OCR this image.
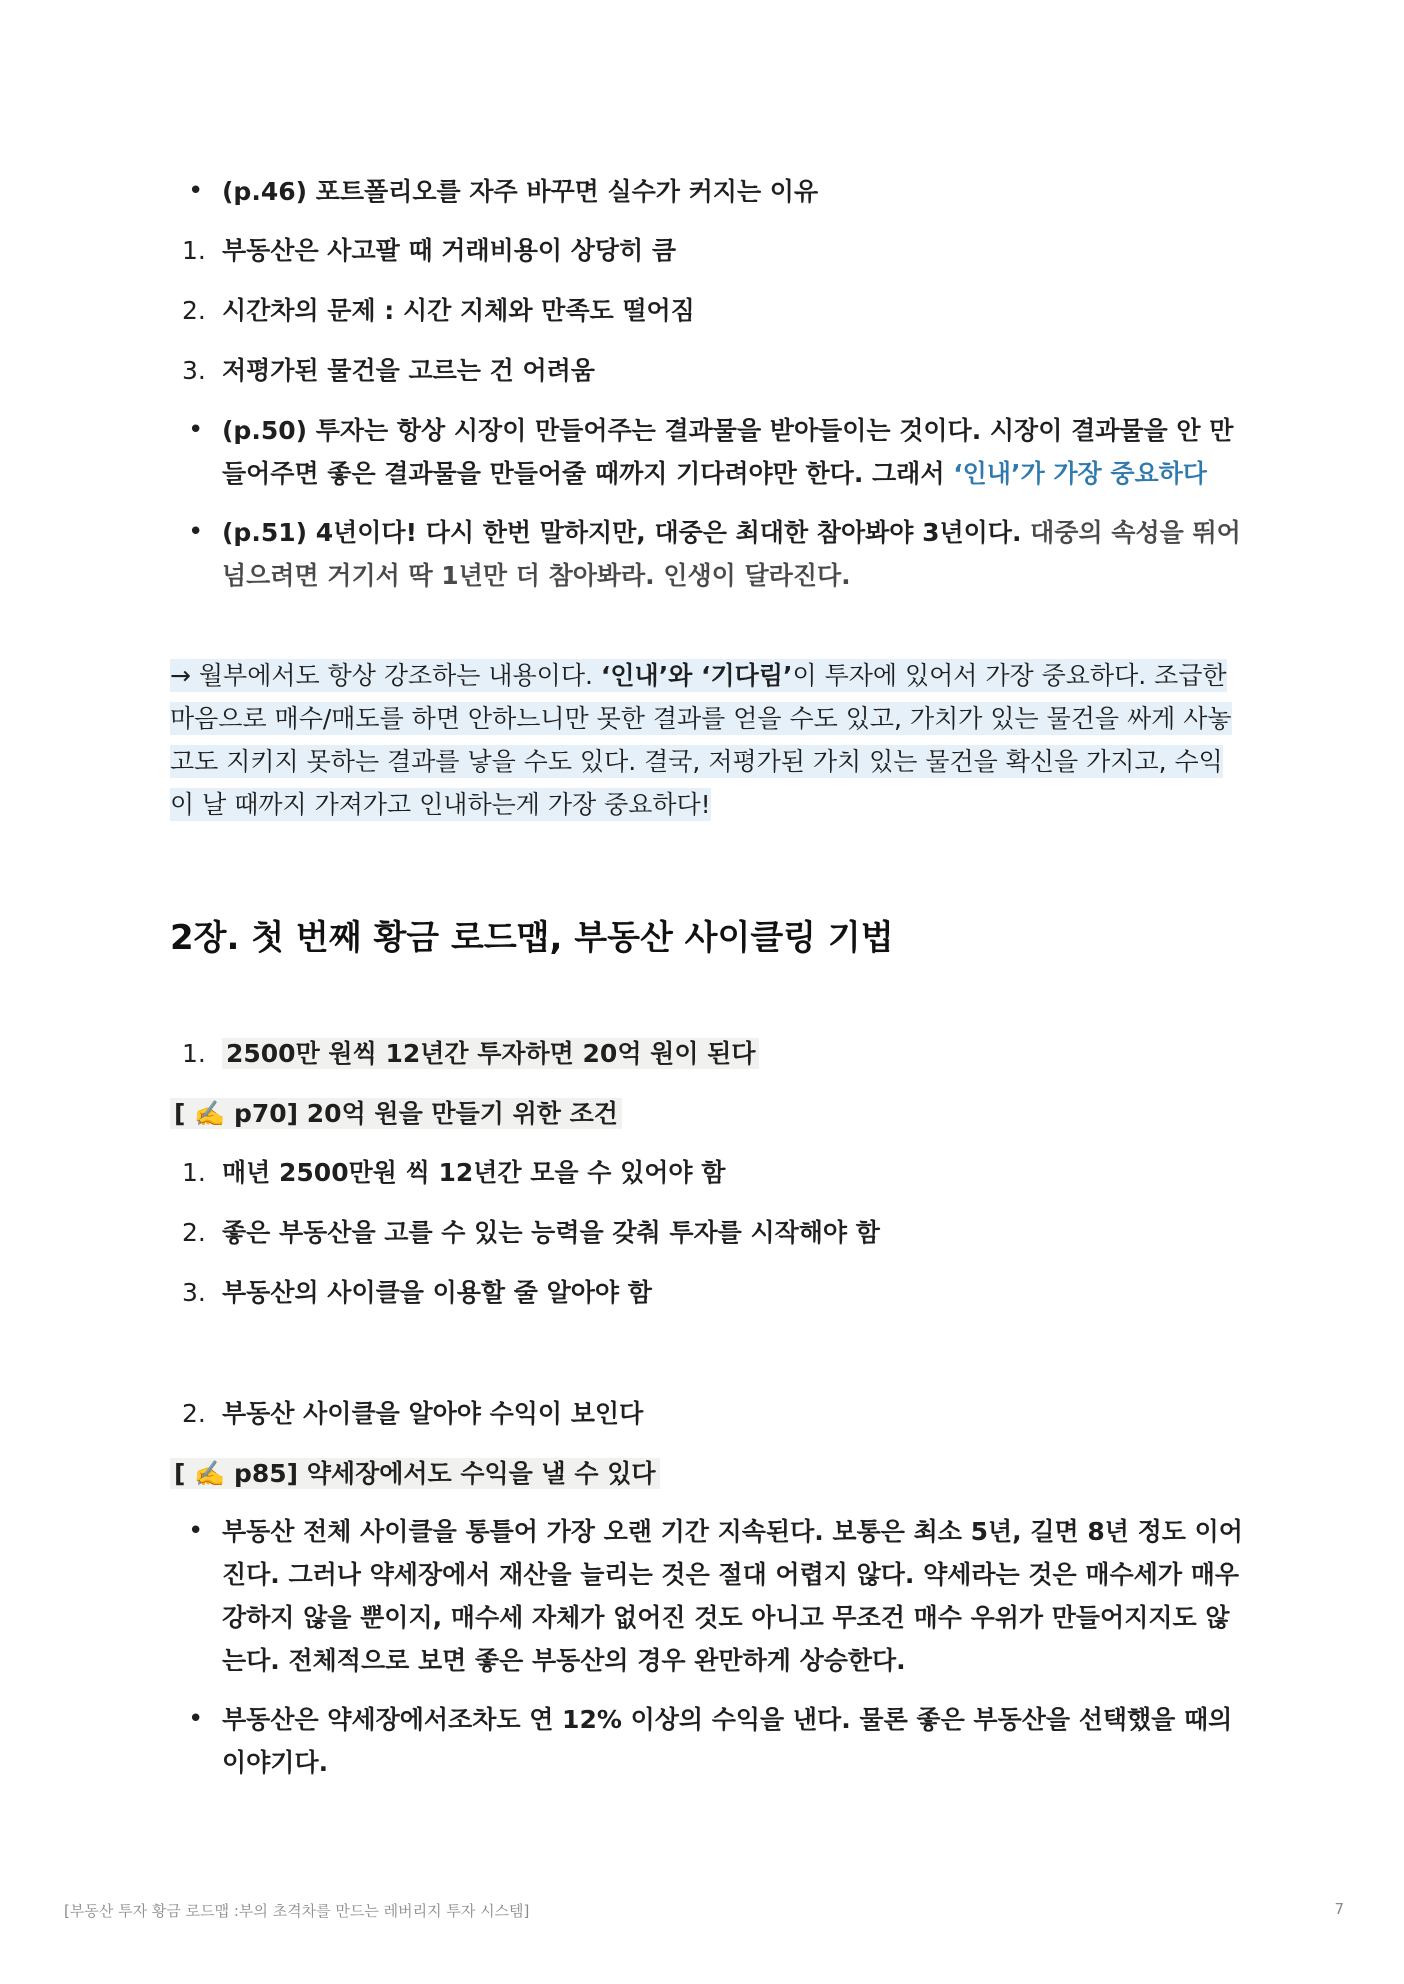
• (p.46) 포트폴리오를 자주 바꾸면 실수가 커지는 이유
1. 부동산은 사고팔 때 거래비용이 상당히 큼
2. 시간차의 문제 : 시간 지체와 만족도 떨어짐
3. 저평가된 물건을 고르는 건 어려움
• (p.50) 투자는 항상 시장이 만들어주는 결과물을 받아들이는 것이다. 시장이 결과물을 안 만들어주면 좋은 결과물을 만들어줄 때까지 기다려야만 한다. 그래서 ‘인내’가 가장 중요하다
• (p.51) 4년이다! 다시 한번 말하지만, 대중은 최대한 참아봐야 3년이다. 대중의 속성을 뛰어넘으려면 거기서 딱 1년만 더 참아봐라. 인생이 달라진다.
→ 월부에서도 항상 강조하는 내용이다. ‘인내’와 ‘기다림’이 투자에 있어서 가장 중요하다. 조급한 마음으로 매수/매도를 하면 안하느니만 못한 결과를 얻을 수도 있고, 가치가 있는 물건을 싸게 사놓고도 지키지 못하는 결과를 낳을 수도 있다. 결국, 저평가된 가치 있는 물건을 확신을 가지고, 수익이 날 때까지 가져가고 인내하는게 가장 중요하다!
2장. 첫 번째 황금 로드맵, 부동산 사이클링 기법
1. 2500만 원씩 12년간 투자하면 20억 원이 된다
[ ✍️ p70] 20억 원을 만들기 위한 조건
1. 매년 2500만원 씩 12년간 모을 수 있어야 함
2. 좋은 부동산을 고를 수 있는 능력을 갖춰 투자를 시작해야 함
3. 부동산의 사이클을 이용할 줄 알아야 함
2. 부동산 사이클을 알아야 수익이 보인다
[ ✍️ p85] 약세장에서도 수익을 낼 수 있다
• 부동산 전체 사이클을 통틀어 가장 오랜 기간 지속된다. 보통은 최소 5년, 길면 8년 정도 이어진다. 그러나 약세장에서 재산을 늘리는 것은 절대 어렵지 않다. 약세라는 것은 매수세가 매우 강하지 않을 뿐이지, 매수세 자체가 없어진 것도 아니고 무조건 매수 우위가 만들어지지도 않는다. 전체적으로 보면 좋은 부동산의 경우 완만하게 상승한다.
• 부동산은 약세장에서조차도 연 12% 이상의 수익을 낸다. 물론 좋은 부동산을 선택했을 때의 이야기다.
[부동산 투자 황금 로드맵 :부의 초격차를 만드는 레버리지 투자 시스템]	7
